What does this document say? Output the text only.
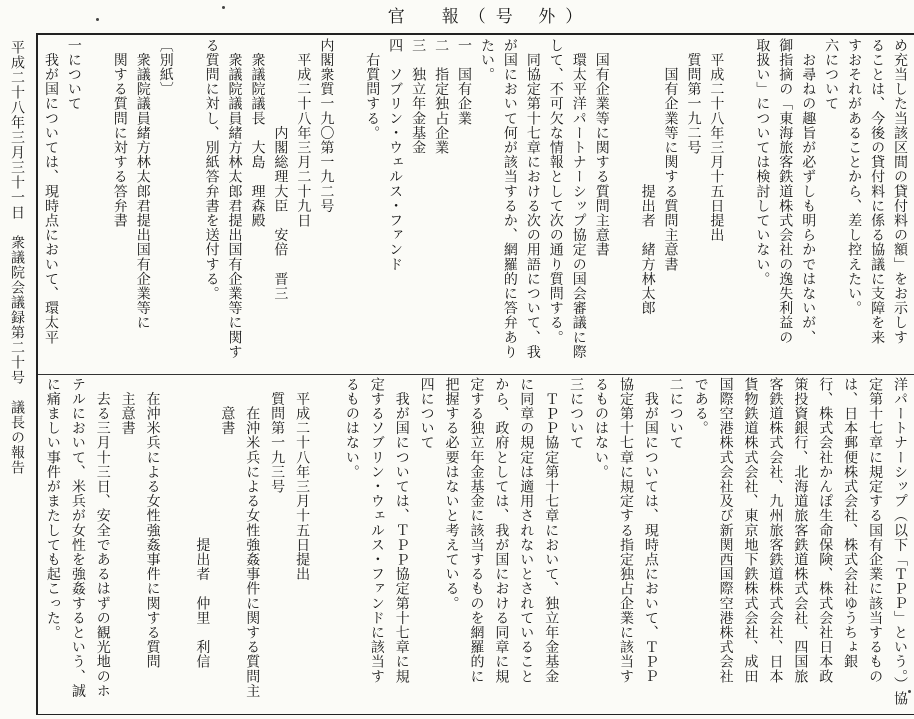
官　報（号 外）
平成二十八年三月三十一日　衆議院会議録第二十号　議長の報告	め充当した当該区間の貸付料の額」をお示しす
ることは、今後の貸付料に係る協議に支障を来
すおそれがあることから、差し控えたい。
六について
　お尋ねの趣旨が必ずしも明らかではないが、
御指摘の「東海旅客鉄道株式会社の逸失利益の
取扱い」については検討していない。
　平成二十八年三月十五日提出
　質問第一九二号
　　国有企業等に関する質問主意書
　　　　　　　　　　提出者　緒方林太郎
　国有企業等に関する質問主意書
　環太平洋パートナーシップ協定の国会審議に際
して、不可欠な情報として次の通り質問する。
　同協定第十七章における次の用語について、我
が国において何が該当するか、網羅的に答弁あり
たい。
一　国有企業
二　指定独占企業
三　独立年金基金
四　ソブリン・ウェルス・ファンド
　右質問する。
内閣衆質一九〇第一九二号
　平成二十八年三月二十九日
　　　　　　内閣総理大臣　安倍　晋三
　衆議院議長　大島　理森殿
　衆議院議員緒方林太郎君提出国有企業等に関す
る質問に対し、別紙答弁書を送付する。
〔別紙〕
　衆議院議員緒方林太郎君提出国有企業等に
　関する質問に対する答弁書
一について
　我が国については、現時点において、環太平
洋パートナーシップ（以下「ＴＰＰ」という。）協
定第十七章に規定する国有企業に該当するもの
は、日本郵便株式会社、株式会社ゆうちょ銀
行、株式会社かんぽ生命保険、株式会社日本政
策投資銀行、北海道旅客鉄道株式会社、四国旅
客鉄道株式会社、九州旅客鉄道株式会社、日本
貨物鉄道株式会社、東京地下鉄株式会社、成田
国際空港株式会社及び新関西国際空港株式会社
である。
二について
　我が国については、現時点において、ＴＰＰ
協定第十七章に規定する指定独占企業に該当す
るものはない。
三について
　ＴＰＰ協定第十七章において、独立年金基金
に同章の規定は適用されないとされていること
から、政府としては、我が国における同章に規
定する独立年金基金に該当するものを網羅的に
把握する必要はないと考えている。
四について
　我が国については、ＴＰＰ協定第十七章に規
定するソブリン・ウェルス・ファンドに該当す
るものはない。
　平成二十八年三月十五日提出
　質問第一九三号
　　在沖米兵による女性強姦事件に関する質問主
　　意書
　　　　　　　　　　　提出者　仲里　利信
　在沖米兵による女性強姦事件に関する質問
　主意書
　去る三月十三日、安全であるはずの観光地のホ
テルにおいて、米兵が女性を強姦するという、誠
に痛ましい事件がまたしても起こった。
